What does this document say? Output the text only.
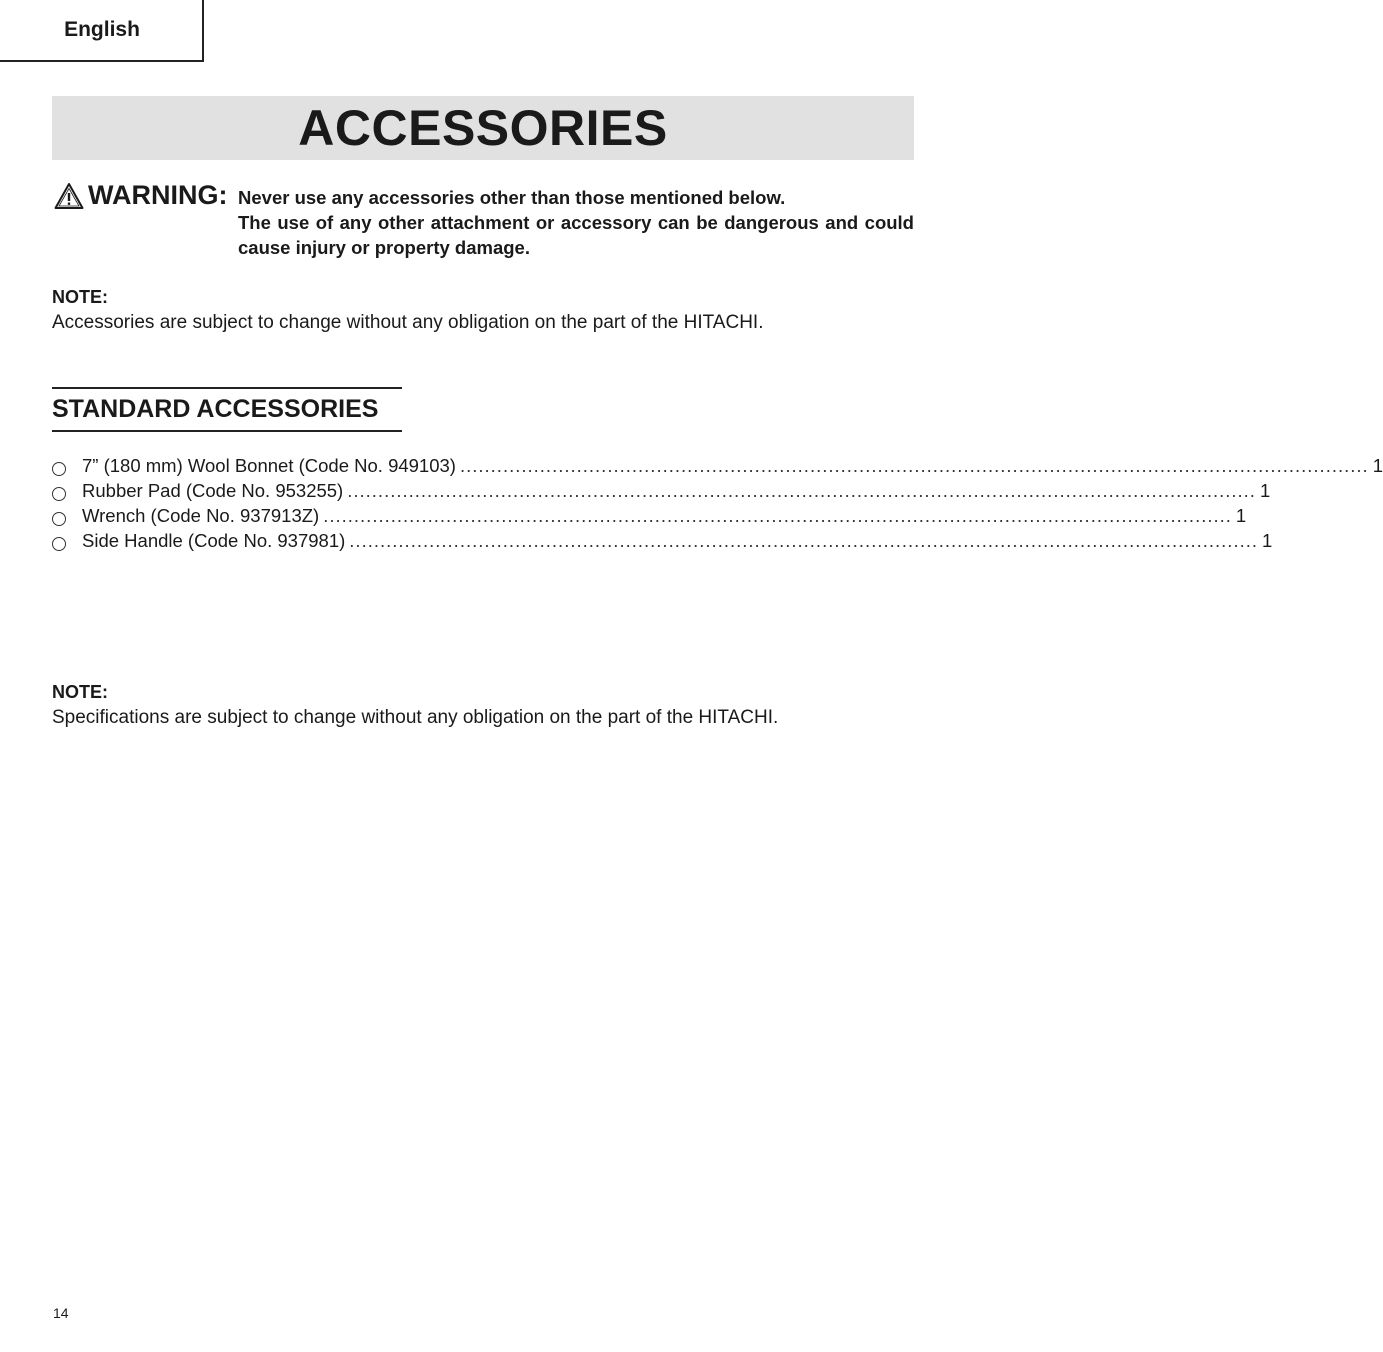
English
ACCESSORIES
WARNING: Never use any accessories other than those mentioned below.
The use of any other attachment or accessory can be dangerous and could cause injury or property damage.
NOTE:
Accessories are subject to change without any obligation on the part of the HITACHI.
STANDARD ACCESSORIES
7” (180 mm) Wool Bonnet (Code No. 949103) .................................................................................................................................................... 1
Rubber Pad (Code No. 953255) .................................................................................................................................................... 1
Wrench (Code No. 937913Z) .................................................................................................................................................... 1
Side Handle (Code No. 937981) .................................................................................................................................................... 1
NOTE:
Specifications are subject to change without any obligation on the part of the HITACHI.
14
